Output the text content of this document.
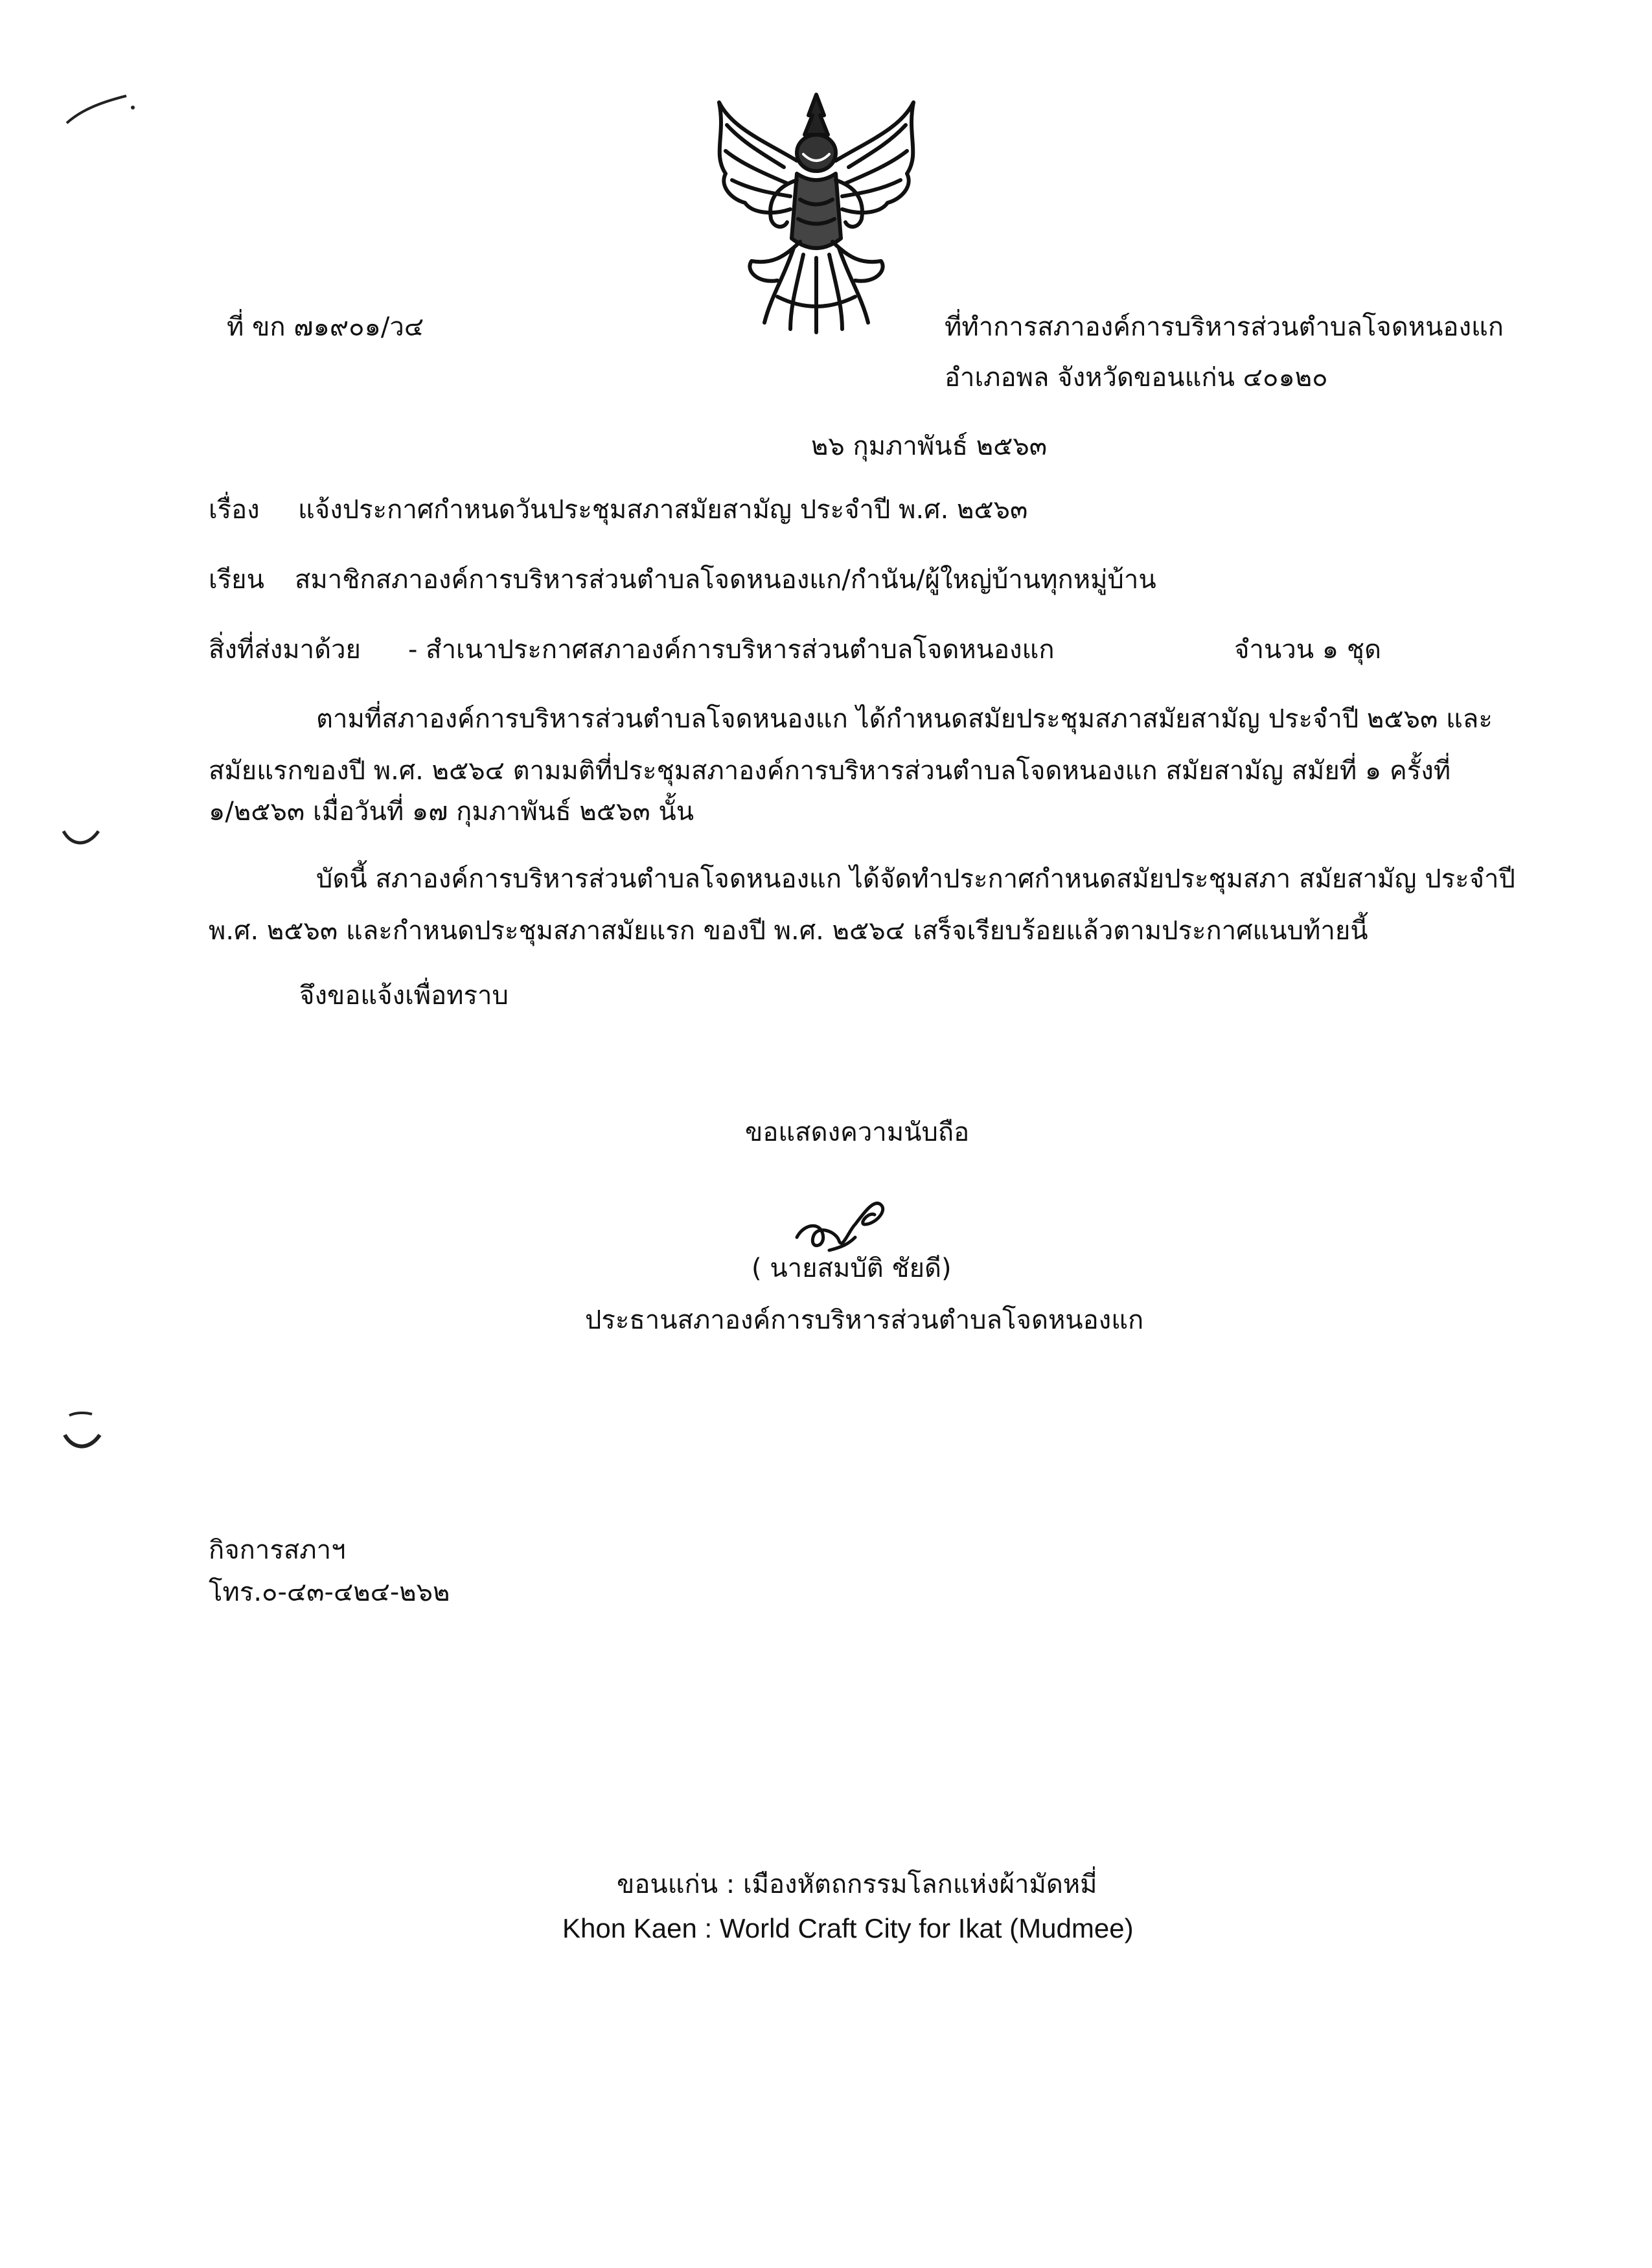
ที่ ขก ๗๑๙๐๑/ว๔	ที่ทำการสภาองค์การบริหารส่วนตำบลโจดหนองแก
อำเภอพล จังหวัดขอนแก่น ๔๐๑๒๐
๒๖ กุมภาพันธ์ ๒๕๖๓
เรื่อง แจ้งประกาศกำหนดวันประชุมสภาสมัยสามัญ ประจำปี พ.ศ. ๒๕๖๓
เรียน สมาชิกสภาองค์การบริหารส่วนตำบลโจดหนองแก/กำนัน/ผู้ใหญ่บ้านทุกหมู่บ้าน
สิ่งที่ส่งมาด้วย - สำเนาประกาศสภาองค์การบริหารส่วนตำบลโจดหนองแก	จำนวน ๑ ชุด
ตามที่สภาองค์การบริหารส่วนตำบลโจดหนองแก ได้กำหนดสมัยประชุมสภาสมัยสามัญ ประจำปี ๒๕๖๓ และ
สมัยแรกของปี พ.ศ. ๒๕๖๔ ตามมติที่ประชุมสภาองค์การบริหารส่วนตำบลโจดหนองแก สมัยสามัญ สมัยที่ ๑ ครั้งที่
๑/๒๕๖๓ เมื่อวันที่ ๑๗ กุมภาพันธ์ ๒๕๖๓ นั้น
บัดนี้ สภาองค์การบริหารส่วนตำบลโจดหนองแก ได้จัดทำประกาศกำหนดสมัยประชุมสภา สมัยสามัญ ประจำปี
พ.ศ. ๒๕๖๓ และกำหนดประชุมสภาสมัยแรก ของปี พ.ศ. ๒๕๖๔ เสร็จเรียบร้อยแล้วตามประกาศแนบท้ายนี้
จึงขอแจ้งเพื่อทราบ
ขอแสดงความนับถือ
( นายสมบัติ ชัยดี)
ประธานสภาองค์การบริหารส่วนตำบลโจดหนองแก
กิจการสภาฯ
โทร.๐-๔๓-๔๒๔-๒๖๒
ขอนแก่น : เมืองหัตถกรรมโลกแห่งผ้ามัดหมี่
Khon Kaen : World Craft City for Ikat (Mudmee)
